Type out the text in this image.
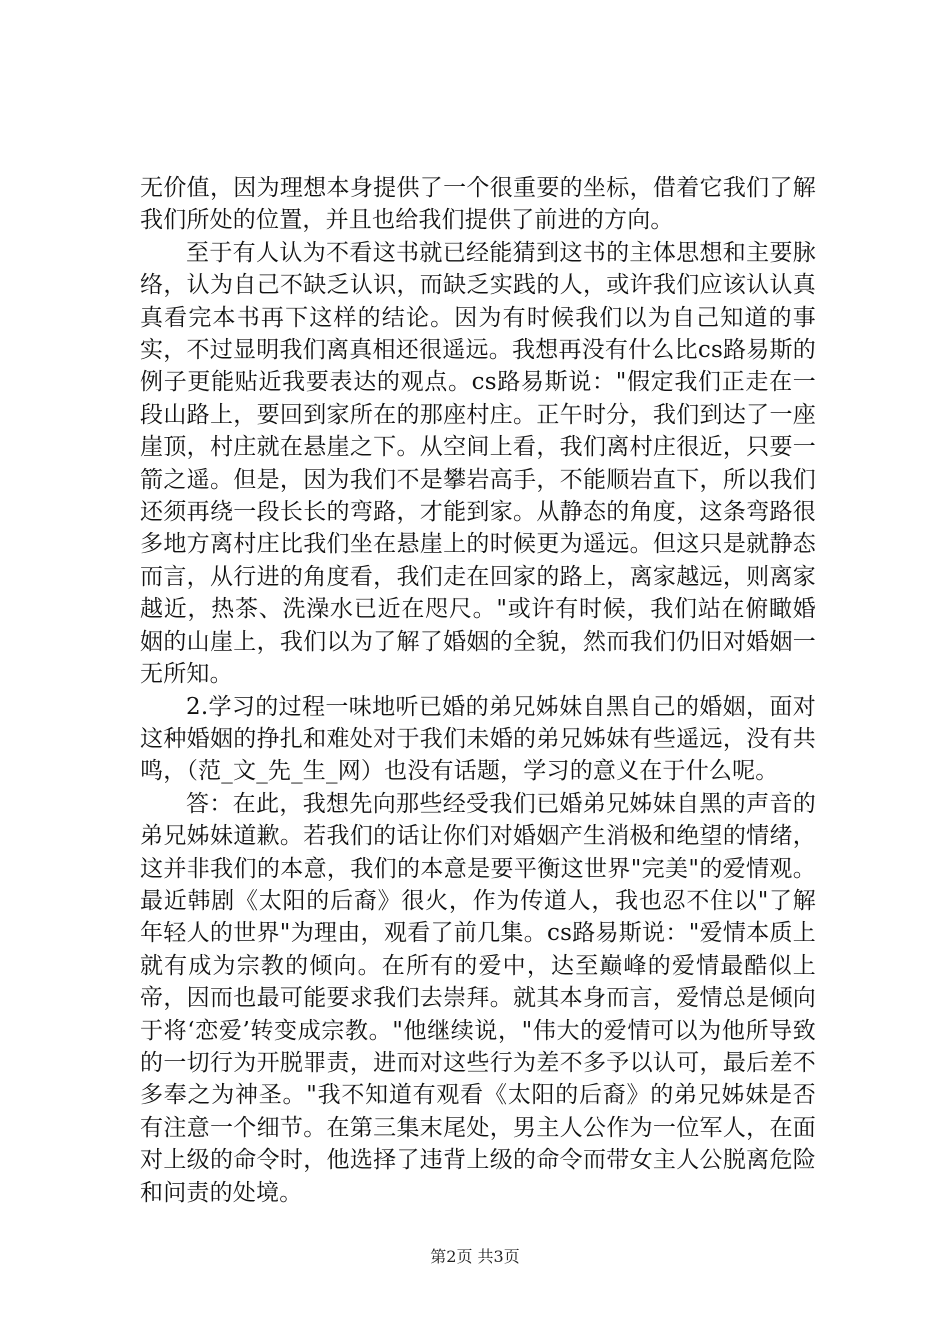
无价值，因为理想本身提供了一个很重要的坐标，借着它我们了解我们所处的位置，并且也给我们提供了前进的方向。

至于有人认为不看这书就已经能猜到这书的主体思想和主要脉络，认为自己不缺乏认识，而缺乏实践的人，或许我们应该认认真真看完本书再下这样的结论。因为有时候我们以为自己知道的事实，不过显明我们离真相还很遥远。我想再没有什么比cs路易斯的例子更能贴近我要表达的观点。cs路易斯说："假定我们正走在一段山路上，要回到家所在的那座村庄。正午时分，我们到达了一座崖顶，村庄就在悬崖之下。从空间上看，我们离村庄很近，只要一箭之遥。但是，因为我们不是攀岩高手，不能顺岩直下，所以我们还须再绕一段长长的弯路，才能到家。从静态的角度，这条弯路很多地方离村庄比我们坐在悬崖上的时候更为遥远。但这只是就静态而言，从行进的角度看，我们走在回家的路上，离家越远，则离家越近，热茶、洗澡水已近在咫尺。"或许有时候，我们站在俯瞰婚姻的山崖上，我们以为了解了婚姻的全貌，然而我们仍旧对婚姻一无所知。

2.学习的过程一味地听已婚的弟兄姊妹自黑自己的婚姻，面对这种婚姻的挣扎和难处对于我们未婚的弟兄姊妹有些遥远，没有共鸣，（范_文_先_生_网）也没有话题，学习的意义在于什么呢。

答：在此，我想先向那些经受我们已婚弟兄姊妹自黑的声音的弟兄姊妹道歉。若我们的话让你们对婚姻产生消极和绝望的情绪，这并非我们的本意，我们的本意是要平衡这世界"完美"的爱情观。最近韩剧《太阳的后裔》很火，作为传道人，我也忍不住以"了解年轻人的世界"为理由，观看了前几集。cs路易斯说："爱情本质上就有成为宗教的倾向。在所有的爱中，达至巅峰的爱情最酷似上帝，因而也最可能要求我们去崇拜。就其本身而言，爱情总是倾向于将‘恋爱’转变成宗教。"他继续说，"伟大的爱情可以为他所导致的一切行为开脱罪责，进而对这些行为差不多予以认可，最后差不多奉之为神圣。"我不知道有观看《太阳的后裔》的弟兄姊妹是否有注意一个细节。在第三集末尾处，男主人公作为一位军人，在面对上级的命令时，他选择了违背上级的命令而带女主人公脱离危险和问责的处境。

第2页 共3页
